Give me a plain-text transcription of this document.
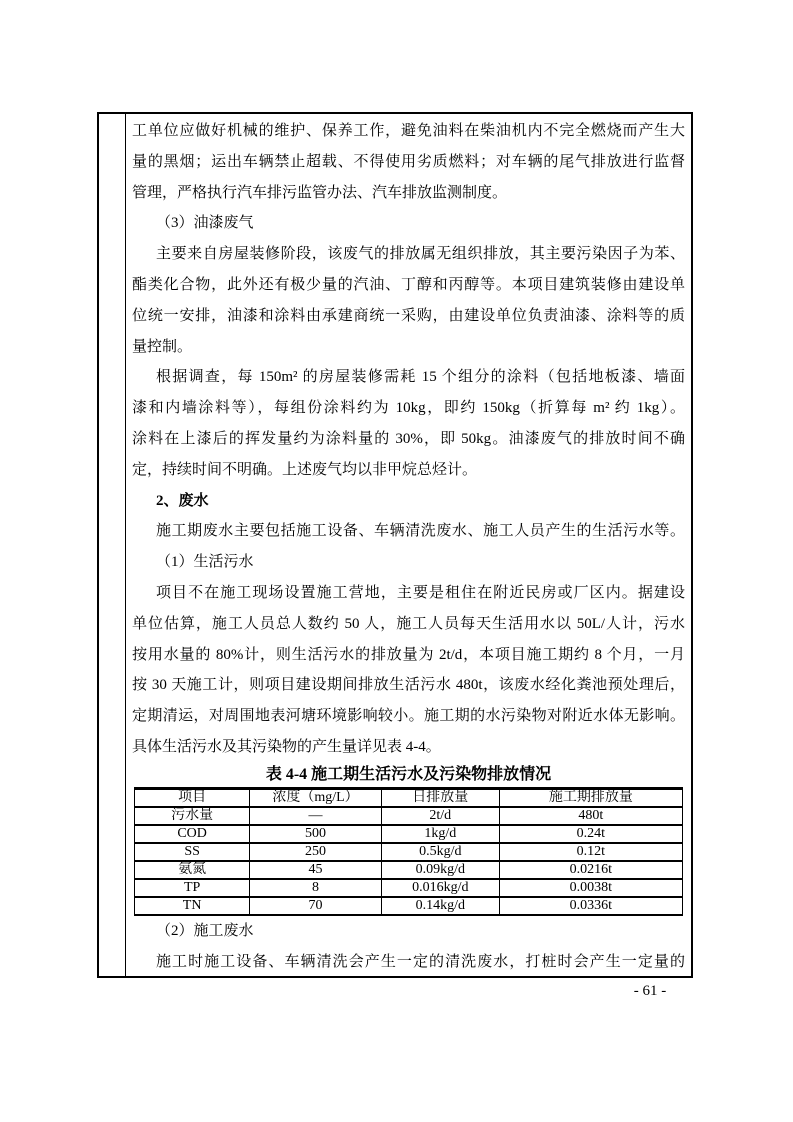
工单位应做好机械的维护、保养工作，避免油料在柴油机内不完全燃烧而产生大
量的黑烟；运出车辆禁止超载、不得使用劣质燃料；对车辆的尾气排放进行监督
管理，严格执行汽车排污监管办法、汽车排放监测制度。
（3）油漆废气
主要来自房屋装修阶段，该废气的排放属无组织排放，其主要污染因子为苯、
酯类化合物，此外还有极少量的汽油、丁醇和丙醇等。本项目建筑装修由建设单
位统一安排，油漆和涂料由承建商统一采购，由建设单位负责油漆、涂料等的质
量控制。
根据调查，每 150m² 的房屋装修需耗 15 个组分的涂料（包括地板漆、墙面
漆和内墙涂料等），每组份涂料约为 10kg，即约 150kg（折算每 m² 约 1kg）。
涂料在上漆后的挥发量约为涂料量的 30%，即 50kg。油漆废气的排放时间不确
定，持续时间不明确。上述废气均以非甲烷总烃计。
2、废水
施工期废水主要包括施工设备、车辆清洗废水、施工人员产生的生活污水等。
（1）生活污水
项目不在施工现场设置施工营地，主要是租住在附近民房或厂区内。据建设
单位估算，施工人员总人数约 50 人，施工人员每天生活用水以 50L/人计，污水
按用水量的 80%计，则生活污水的排放量为 2t/d，本项目施工期约 8 个月，一月
按 30 天施工计，则项目建设期间排放生活污水 480t，该废水经化粪池预处理后，
定期清运，对周围地表河塘环境影响较小。施工期的水污染物对附近水体无影响。
具体生活污水及其污染物的产生量详见表 4-4。
表 4-4 施工期生活污水及污染物排放情况
项目	浓度（mg/L）	日排放量	施工期排放量
污水量	—	2t/d	480t
COD	500	1kg/d	0.24t
SS	250	0.5kg/d	0.12t
氨氮	45	0.09kg/d	0.0216t
TP	8	0.016kg/d	0.0038t
TN	70	0.14kg/d	0.0336t
（2）施工废水
施工时施工设备、车辆清洗会产生一定的清洗废水，打桩时会产生一定量的
- 61 -
